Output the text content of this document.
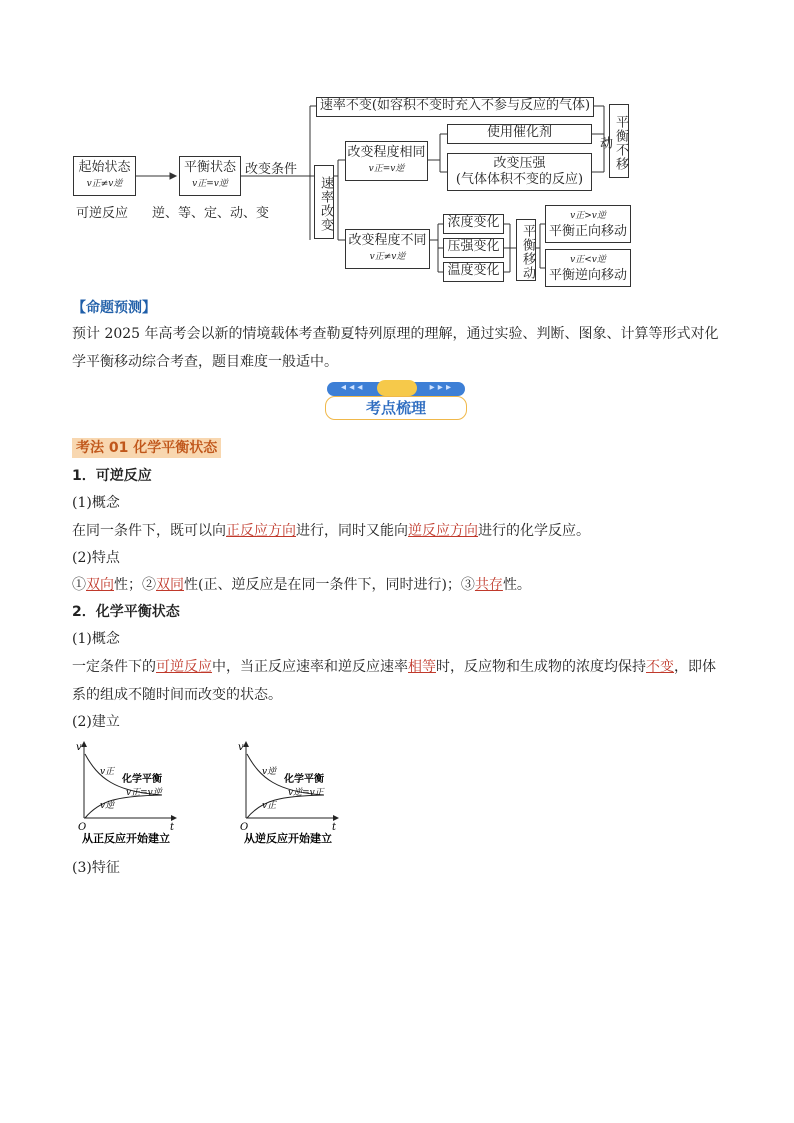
起始状态
v正≠v逆
可逆反应
平衡状态
v正=v逆
逆、等、定、动、变
改变条件
速率改变
速率不变(如容积不变时充入不参与反应的气体)
平衡不移动
改变程度相同
v正=v逆
使用催化剂
改变压强
(气体体积不变的反应)
改变程度不同
v正≠v逆
浓度变化
压强变化
温度变化	平衡移动
v正>v逆
平衡正向移动
v正<v逆
平衡逆向移动
【命题预测】
预计 2025 年高考会以新的情境载体考查勒夏特列原理的理解，通过实验、判断、图象、计算等形式对化学平衡移动综合考查，题目难度一般适中。
◂ ◂ ◂	▸ ▸ ▸
考点梳理
考法 01 化学平衡状态
1．可逆反应
(1)概念
在同一条件下，既可以向正反应方向进行，同时又能向逆反应方向进行的化学反应。
(2)特点
①双向性；②双同性(正、逆反应是在同一条件下，同时进行)；③共存性。
2．化学平衡状态
(1)概念
一定条件下的可逆反应中，当正反应速率和逆反应速率相等时，反应物和生成物的浓度均保持不变，即体系的组成不随时间而改变的状态。
(2)建立
v
t
O
v正
v逆
化学平衡
v正=v逆
从正反应开始建立
v
t
O
v逆
v正
化学平衡
v逆=v正
从逆反应开始建立
(3)特征
